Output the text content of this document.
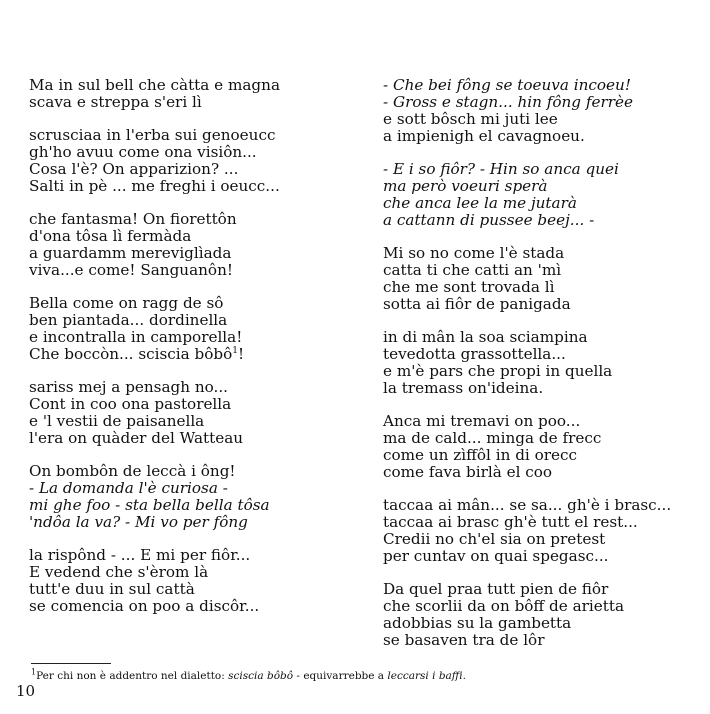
Ma in sul bell che càtta e magna
scava e streppa s'eri lì
scrusciaa in l'erba sui genoeucc
gh'ho avuu come ona visiôn...
Cosa l'è? On apparizion? ...
Salti in pè ... me freghi i oeucc...
che fantasma! On fiorettôn
d'ona tôsa lì fermàda
a guardamm mereviglìada
viva...e come! Sanguanôn!
Bella come on ragg de sô
ben piantada... dordinella
e incontralla in camporella!
Che boccòn... sciscia bôbô$^1$!
sariss mej a pensagh no...
Cont in coo ona pastorella
e 'l vestii de paisanella
l'era on quàder del Watteau
On bombôn de leccà i ông!
- La domanda l'è curiosa -
mi ghe foo - sta bella bella tôsa
'ndôa la va? - Mi vo per fông
la rispônd - ... E mi per fiôr...
E vedend che s'èrom là
tutt'e duu in sul cattà
se comencia on poo a discôr...
- Che bei fông se toeuva incoeu!
- Gross e stagn... hin fông ferrèe
e sott bôsch mi juti lee
a impienigh el cavagnoeu.
- E i so fiôr? - Hin so anca quei
ma però voeuri sperà
che anca lee la me jutarà
a cattann di pussee beej... -
Mi so no come l'è stada
catta ti che catti an 'mì
che me sont trovada lì
sotta ai fiôr de panigada
in di mân la soa sciampina
tevedotta grassottella...
e m'è pars che propi in quella
la tremass on'ideina.
Anca mi tremavi on poo...
ma de cald... minga de frecc
come un zìffôl in di orecc
come fava birlà el coo
taccaa ai mân... se sa... gh'è i brasc...
taccaa ai brasc gh'è tutt el rest...
Credii no ch'el sia on pretest
per cuntav on quai spegasc...
Da quel praa tutt pien de fiôr
che scorlii da on bôff de arietta
adobbias su la gambetta
se basaven tra de lôr
$^1$Per chi non è addentro nel dialetto: sciscia bôbô - equivarrebbe a leccarsi i baffi.
10
